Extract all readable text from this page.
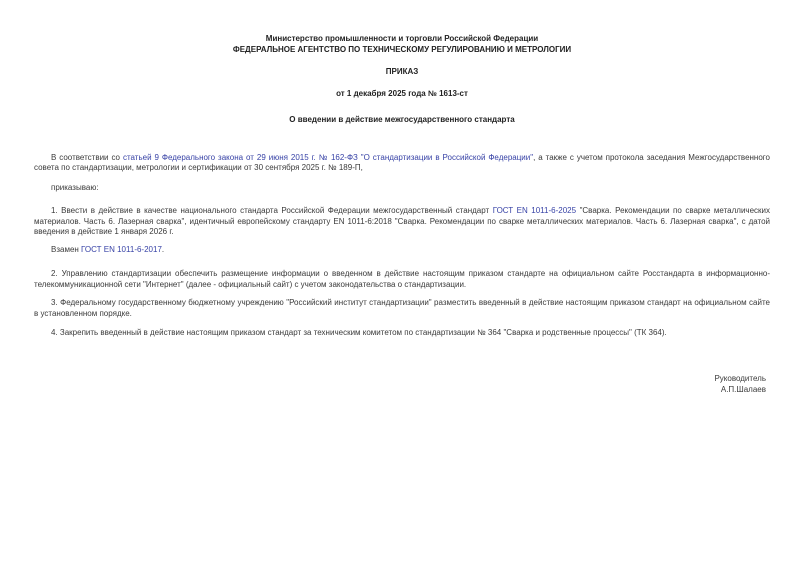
Министерство промышленности и торговли Российской Федерации
ФЕДЕРАЛЬНОЕ АГЕНТСТВО ПО ТЕХНИЧЕСКОМУ РЕГУЛИРОВАНИЮ И МЕТРОЛОГИИ
ПРИКАЗ
от 1 декабря 2025 года № 1613-ст
О введении в действие межгосударственного стандарта

В соответствии со статьей 9 Федерального закона от 29 июня 2015 г. № 162-ФЗ "О стандартизации в Российской Федерации", а также с учетом протокола заседания Межгосударственного совета по стандартизации, метрологии и сертификации от 30 сентября 2025 г. № 189-П,

приказываю:

1. Ввести в действие в качестве национального стандарта Российской Федерации межгосударственный стандарт ГОСТ EN 1011-6-2025 "Сварка. Рекомендации по сварке металлических материалов. Часть 6. Лазерная сварка", идентичный европейскому стандарту EN 1011-6:2018 "Сварка. Рекомендации по сварке металлических материалов. Часть 6. Лазерная сварка", с датой введения в действие 1 января 2026 г.

Взамен ГОСТ EN 1011-6-2017.

2. Управлению стандартизации обеспечить размещение информации о введенном в действие настоящим приказом стандарте на официальном сайте Росстандарта в информационно-телекоммуникационной сети "Интернет" (далее - официальный сайт) с учетом законодательства о стандартизации.

3. Федеральному государственному бюджетному учреждению "Российский институт стандартизации" разместить введенный в действие настоящим приказом стандарт на официальном сайте в установленном порядке.

4. Закрепить введенный в действие настоящим приказом стандарт за техническим комитетом по стандартизации № 364 "Сварка и родственные процессы" (ТК 364).

Руководитель
А.П.Шалаев
